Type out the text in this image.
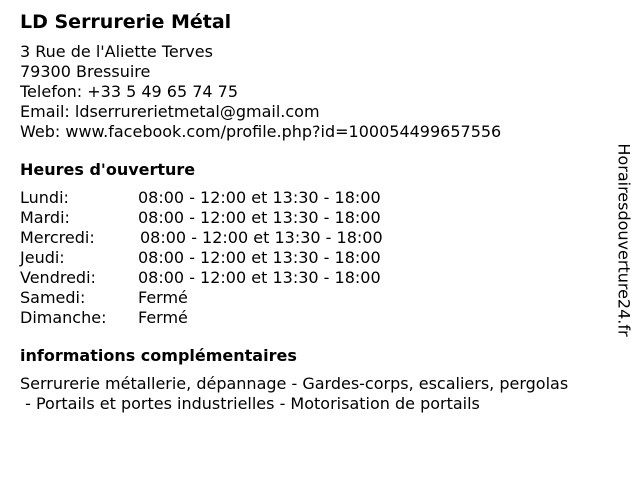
LD Serrurerie Métal
3 Rue de l'Aliette Terves
79300 Bressuire
Telefon: +33 5 49 65 74 75
Email: ldserrurerietmetal@gmail.com
Web: www.facebook.com/profile.php?id=100054499657556
Heures d'ouverture
Lundi:	08:00 - 12:00 et 13:30 - 18:00
Mardi:	08:00 - 12:00 et 13:30 - 18:00
Mercredi:	08:00 - 12:00 et 13:30 - 18:00
Jeudi:	08:00 - 12:00 et 13:30 - 18:00
Vendredi:	08:00 - 12:00 et 13:30 - 18:00
Samedi:	Fermé
Dimanche:	Fermé
informations complémentaires
Serrurerie métallerie, dépannage - Gardes-corps, escaliers, pergolas
- Portails et portes industrielles - Motorisation de portails
Horairesdouverture24.fr
